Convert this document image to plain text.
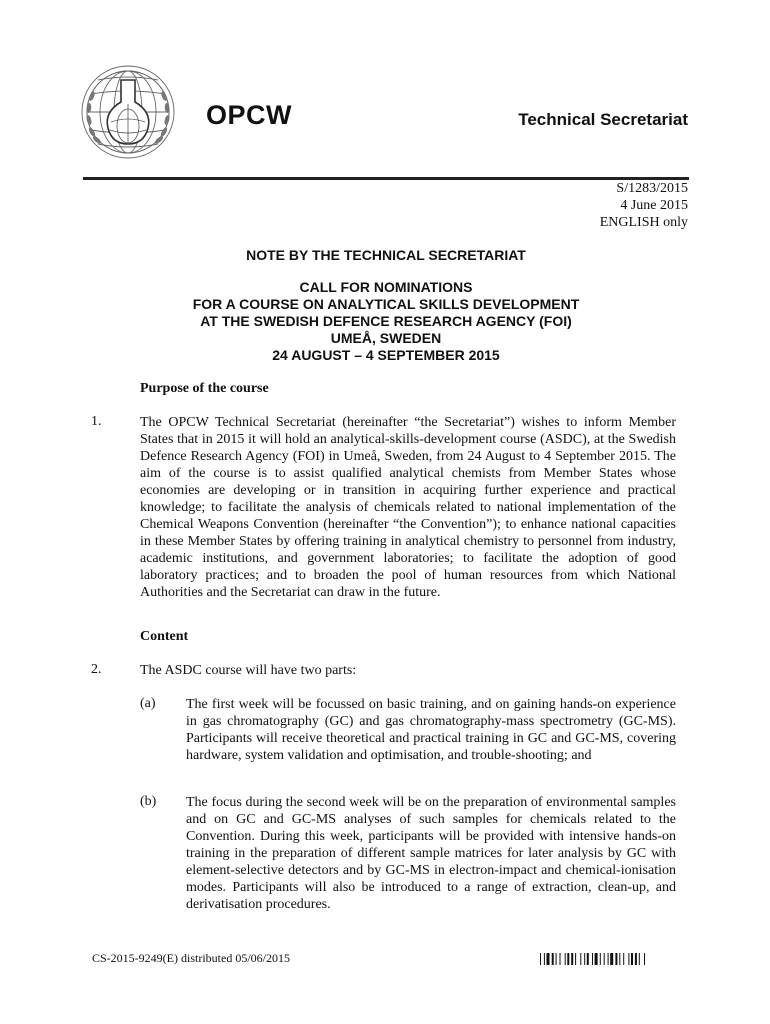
OPCW	Technical Secretariat
S/1283/2015
4 June 2015
ENGLISH only
NOTE BY THE TECHNICAL SECRETARIAT
CALL FOR NOMINATIONS
FOR A COURSE ON ANALYTICAL SKILLS DEVELOPMENT
AT THE SWEDISH DEFENCE RESEARCH AGENCY (FOI)
UMEÅ, SWEDEN
24 AUGUST – 4 SEPTEMBER 2015
Purpose of the course
1.	The OPCW Technical Secretariat (hereinafter “the Secretariat”) wishes to inform Member States that in 2015 it will hold an analytical-skills-development course (ASDC), at the Swedish Defence Research Agency (FOI) in Umeå, Sweden, from 24 August to 4 September 2015. The aim of the course is to assist qualified analytical chemists from Member States whose economies are developing or in transition in acquiring further experience and practical knowledge; to facilitate the analysis of chemicals related to national implementation of the Chemical Weapons Convention (hereinafter “the Convention”); to enhance national capacities in these Member States by offering training in analytical chemistry to personnel from industry, academic institutions, and government laboratories; to facilitate the adoption of good laboratory practices; and to broaden the pool of human resources from which National Authorities and the Secretariat can draw in the future.
Content
2.	The ASDC course will have two parts:
(a) The first week will be focussed on basic training, and on gaining hands-on experience in gas chromatography (GC) and gas chromatography-mass spectrometry (GC-MS). Participants will receive theoretical and practical training in GC and GC-MS, covering hardware, system validation and optimisation, and trouble-shooting; and
(b) The focus during the second week will be on the preparation of environmental samples and on GC and GC-MS analyses of such samples for chemicals related to the Convention. During this week, participants will be provided with intensive hands-on training in the preparation of different sample matrices for later analysis by GC with element-selective detectors and by GC-MS in electron-impact and chemical-ionisation modes. Participants will also be introduced to a range of extraction, clean-up, and derivatisation procedures.
CS-2015-9249(E) distributed 05/06/2015
